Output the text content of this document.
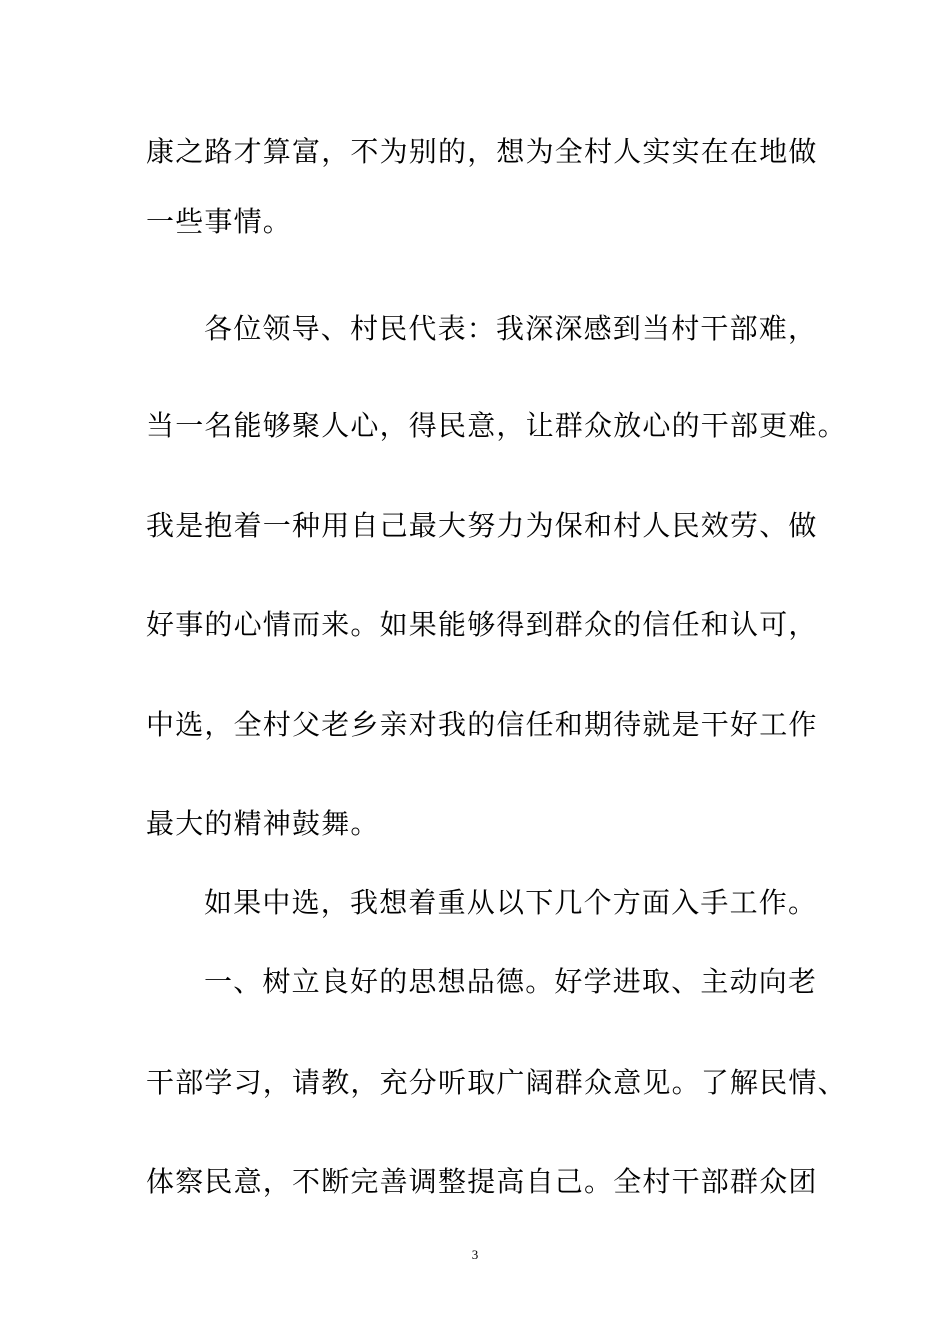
康之路才算富，不为别的，想为全村人实实在在地做
一些事情。
各位领导、村民代表：我深深感到当村干部难，
当一名能够聚人心，得民意，让群众放心的干部更难。
我是抱着一种用自己最大努力为保和村人民效劳、做
好事的心情而来。如果能够得到群众的信任和认可，
中选，全村父老乡亲对我的信任和期待就是干好工作
最大的精神鼓舞。
如果中选，我想着重从以下几个方面入手工作。
一、树立良好的思想品德。好学进取、主动向老
干部学习，请教，充分听取广阔群众意见。了解民情、
体察民意，不断完善调整提高自己。全村干部群众团
3
